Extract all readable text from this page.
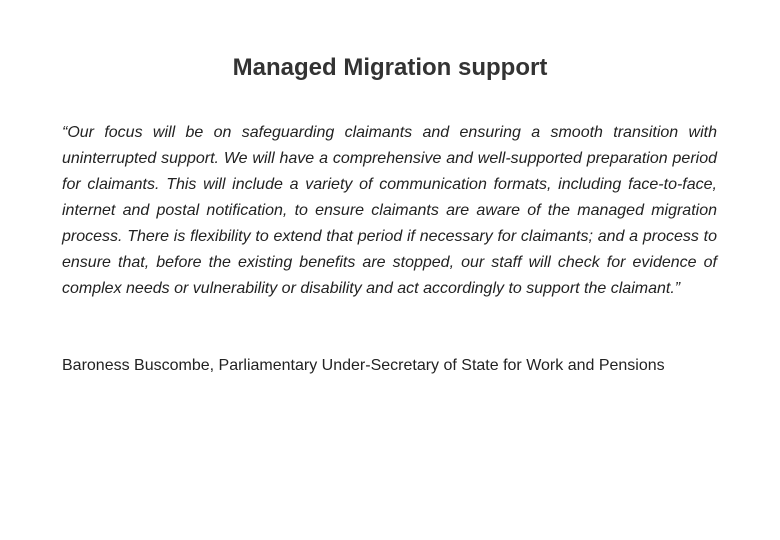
Managed Migration support

“Our focus will be on safeguarding claimants and ensuring a smooth transition with uninterrupted support. We will have a comprehensive and well-supported preparation period for claimants. This will include a variety of communication formats, including face-to-face, internet and postal notification, to ensure claimants are aware of the managed migration process. There is flexibility to extend that period if necessary for claimants; and a process to ensure that, before the existing benefits are stopped, our staff will check for evidence of complex needs or vulnerability or disability and act accordingly to support the claimant.”

Baroness Buscombe, Parliamentary Under-Secretary of State for Work and Pensions
